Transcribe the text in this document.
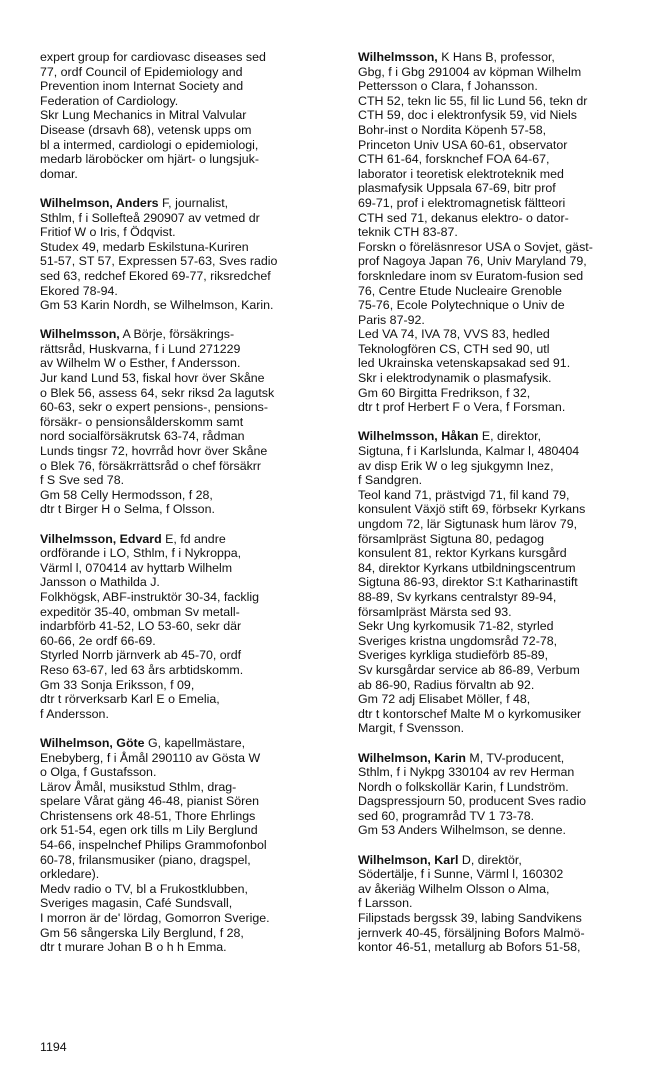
expert group for cardiovasc diseases sed
77, ordf Council of Epidemiology and
Prevention inom Internat Society and
Federation of Cardiology.
Skr Lung Mechanics in Mitral Valvular
Disease (drsavh 68), vetensk upps om
bl a intermed, cardiologi o epidemiologi,
medarb läroböcker om hjärt- o lungsjuk-
domar.
Wilhelmson, Anders F, journalist,
Sthlm, f i Sollefteå 290907 av vetmed dr
Fritiof W o Iris, f Ödqvist.
Studex 49, medarb Eskilstuna-Kuriren
51-57, ST 57, Expressen 57-63, Sves radio
sed 63, redchef Ekored 69-77, riksredchef
Ekored 78-94.
Gm 53 Karin Nordh, se Wilhelmson, Karin.
Wilhelmsson, A Börje, försäkrings-
rättsråd, Huskvarna, f i Lund 271229
av Wilhelm W o Esther, f Andersson.
Jur kand Lund 53, fiskal hovr över Skåne
o Blek 56, assess 64, sekr riksd 2a lagutsk
60-63, sekr o expert pensions-, pensions-
försäkr- o pensionsålderskomm samt
nord socialförsäkrutsk 63-74, rådman
Lunds tingsr 72, hovrråd hovr över Skåne
o Blek 76, försäkrrättsråd o chef försäkrr
f S Sve sed 78.
Gm 58 Celly Hermodsson, f 28,
dtr t Birger H o Selma, f Olsson.
Vilhelmsson, Edvard E, fd andre
ordförande i LO, Sthlm, f i Nykroppa,
Värml l, 070414 av hyttarb Wilhelm
Jansson o Mathilda J.
Folkhögsk, ABF-instruktör 30-34, facklig
expeditör 35-40, ombman Sv metall-
indarbförb 41-52, LO 53-60, sekr där
60-66, 2e ordf 66-69.
Styrled Norrb järnverk ab 45-70, ordf
Reso 63-67, led 63 års arbtidskomm.
Gm 33 Sonja Eriksson, f 09,
dtr t rörverksarb Karl E o Emelia,
f Andersson.
Wilhelmson, Göte G, kapellmästare,
Enebyberg, f i Åmål 290110 av Gösta W
o Olga, f Gustafsson.
Lärov Åmål, musikstud Sthlm, drag-
spelare Vårat gäng 46-48, pianist Sören
Christensens ork 48-51, Thore Ehrlings
ork 51-54, egen ork tills m Lily Berglund
54-66, inspelnchef Philips Grammofonbol
60-78, frilansmusiker (piano, dragspel,
orkledare).
Medv radio o TV, bl a Frukostklubben,
Sveriges magasin, Café Sundsvall,
I morron är de' lördag, Gomorron Sverige.
Gm 56 sångerska Lily Berglund, f 28,
dtr t murare Johan B o h h Emma.
Wilhelmsson, K Hans B, professor,
Gbg, f i Gbg 291004 av köpman Wilhelm
Pettersson o Clara, f Johansson.
CTH 52, tekn lic 55, fil lic Lund 56, tekn dr
CTH 59, doc i elektronfysik 59, vid Niels
Bohr-inst o Nordita Köpenh 57-58,
Princeton Univ USA 60-61, observator
CTH 61-64, forsknchef FOA 64-67,
laborator i teoretisk elektroteknik med
plasmafysik Uppsala 67-69, bitr prof
69-71, prof i elektromagnetisk fältteori
CTH sed 71, dekanus elektro- o dator-
teknik CTH 83-87.
Forskn o föreläsnresor USA o Sovjet, gäst-
prof Nagoya Japan 76, Univ Maryland 79,
forsknledare inom sv Euratom-fusion sed
76, Centre Etude Nucleaire Grenoble
75-76, Ecole Polytechnique o Univ de
Paris 87-92.
Led VA 74, IVA 78, VVS 83, hedled
Teknologfören CS, CTH sed 90, utl
led Ukrainska vetenskapsakad sed 91.
Skr i elektrodynamik o plasmafysik.
Gm 60 Birgitta Fredrikson, f 32,
dtr t prof Herbert F o Vera, f Forsman.
Wilhelmsson, Håkan E, direktor,
Sigtuna, f i Karlslunda, Kalmar l, 480404
av disp Erik W o leg sjukgymn Inez,
f Sandgren.
Teol kand 71, prästvigd 71, fil kand 79,
konsulent Växjö stift 69, förbsekr Kyrkans
ungdom 72, lär Sigtunask hum lärov 79,
församlpräst Sigtuna 80, pedagog
konsulent 81, rektor Kyrkans kursgård
84, direktor Kyrkans utbildningscentrum
Sigtuna 86-93, direktor S:t Katharinastift
88-89, Sv kyrkans centralstyr 89-94,
församlpräst Märsta sed 93.
Sekr Ung kyrkomusik 71-82, styrled
Sveriges kristna ungdomsråd 72-78,
Sveriges kyrkliga studieförb 85-89,
Sv kursgårdar service ab 86-89, Verbum
ab 86-90, Radius förvaltn ab 92.
Gm 72 adj Elisabet Möller, f 48,
dtr t kontorschef Malte M o kyrkomusiker
Margit, f Svensson.
Wilhelmson, Karin M, TV-producent,
Sthlm, f i Nykpg 330104 av rev Herman
Nordh o folkskollär Karin, f Lundström.
Dagspressjourn 50, producent Sves radio
sed 60, programråd TV 1 73-78.
Gm 53 Anders Wilhelmson, se denne.
Wilhelmson, Karl D, direktör,
Södertälje, f i Sunne, Värml l, 160302
av åkeriäg Wilhelm Olsson o Alma,
f Larsson.
Filipstads bergssk 39, labing Sandvikens
jernverk 40-45, försäljning Bofors Malmö-
kontor 46-51, metallurg ab Bofors 51-58,
1194
